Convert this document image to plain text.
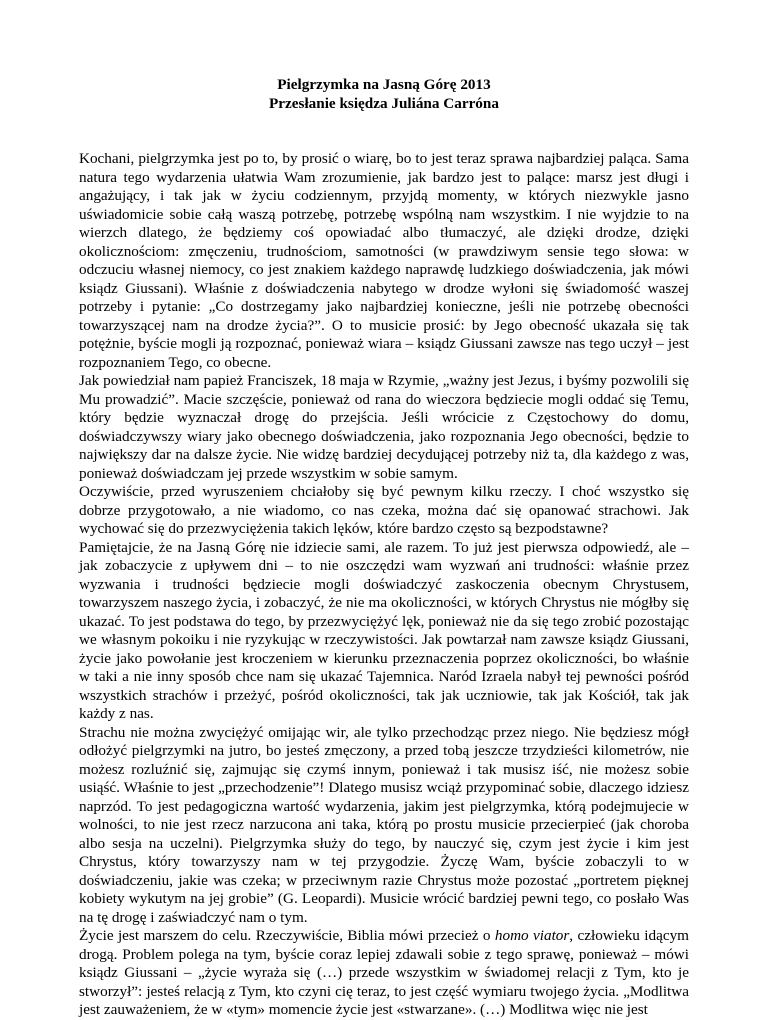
Pielgrzymka na Jasną Górę 2013

Przesłanie księdza Juliána Carróna

Kochani, pielgrzymka jest po to, by prosić o wiarę, bo to jest teraz sprawa najbardziej paląca. Sama natura tego wydarzenia ułatwia Wam zrozumienie, jak bardzo jest to palące: marsz jest długi i angażujący, i tak jak w życiu codziennym, przyjdą momenty, w których niezwykle jasno uświadomicie sobie całą waszą potrzebę, potrzebę wspólną nam wszystkim. I nie wyjdzie to na wierzch dlatego, że będziemy coś opowiadać albo tłumaczyć, ale dzięki drodze, dzięki okolicznościom: zmęczeniu, trudnościom, samotności (w prawdziwym sensie tego słowa: w odczuciu własnej niemocy, co jest znakiem każdego naprawdę ludzkiego doświadczenia, jak mówi ksiądz Giussani). Właśnie z doświadczenia nabytego w drodze wyłoni się świadomość waszej potrzeby i pytanie: „Co dostrzegamy jako najbardziej konieczne, jeśli nie potrzebę obecności towarzyszącej nam na drodze życia?”. O to musicie prosić: by Jego obecność ukazała się tak potężnie, byście mogli ją rozpoznać, ponieważ wiara – ksiądz Giussani zawsze nas tego uczył – jest rozpoznaniem Tego, co obecne.

Jak powiedział nam papież Franciszek, 18 maja w Rzymie, „ważny jest Jezus, i byśmy pozwolili się Mu prowadzić”. Macie szczęście, ponieważ od rana do wieczora będziecie mogli oddać się Temu, który będzie wyznaczał drogę do przejścia. Jeśli wrócicie z Częstochowy do domu, doświadczywszy wiary jako obecnego doświadczenia, jako rozpoznania Jego obecności, będzie to największy dar na dalsze życie. Nie widzę bardziej decydującej potrzeby niż ta, dla każdego z was, ponieważ doświadczam jej przede wszystkim w sobie samym.

Oczywiście, przed wyruszeniem chciałoby się być pewnym kilku rzeczy. I choć wszystko się dobrze przygotowało, a nie wiadomo, co nas czeka, można dać się opanować strachowi. Jak wychować się do przezwyciężenia takich lęków, które bardzo często są bezpodstawne?

Pamiętajcie, że na Jasną Górę nie idziecie sami, ale razem. To już jest pierwsza odpowiedź, ale – jak zobaczycie z upływem dni – to nie oszczędzi wam wyzwań ani trudności: właśnie przez wyzwania i trudności będziecie mogli doświadczyć zaskoczenia obecnym Chrystusem, towarzyszem naszego życia, i zobaczyć, że nie ma okoliczności, w których Chrystus nie mógłby się ukazać. To jest podstawa do tego, by przezwyciężyć lęk, ponieważ nie da się tego zrobić pozostając we własnym pokoiku i nie ryzykując w rzeczywistości. Jak powtarzał nam zawsze ksiądz Giussani, życie jako powołanie jest kroczeniem w kierunku przeznaczenia poprzez okoliczności, bo właśnie w taki a nie inny sposób chce nam się ukazać Tajemnica. Naród Izraela nabył tej pewności pośród wszystkich strachów i przeżyć, pośród okoliczności, tak jak uczniowie, tak jak Kościół, tak jak każdy z nas.

Strachu nie można zwyciężyć omijając wir, ale tylko przechodząc przez niego. Nie będziesz mógł odłożyć pielgrzymki na jutro, bo jesteś zmęczony, a przed tobą jeszcze trzydzieści kilometrów, nie możesz rozluźnić się, zajmując się czymś innym, ponieważ i tak musisz iść, nie możesz sobie usiąść. Właśnie to jest „przechodzenie”! Dlatego musisz wciąż przypominać sobie, dlaczego idziesz naprzód. To jest pedagogiczna wartość wydarzenia, jakim jest pielgrzymka, którą podejmujecie w wolności, to nie jest rzecz narzucona ani taka, którą po prostu musicie przecierpieć (jak choroba albo sesja na uczelni). Pielgrzymka służy do tego, by nauczyć się, czym jest życie i kim jest Chrystus, który towarzyszy nam w tej przygodzie. Życzę Wam, byście zobaczyli to w doświadczeniu, jakie was czeka; w przeciwnym razie Chrystus może pozostać „portretem pięknej kobiety wykutym na jej grobie” (G. Leopardi). Musicie wrócić bardziej pewni tego, co posłało Was na tę drogę i zaświadczyć nam o tym.

Życie jest marszem do celu. Rzeczywiście, Biblia mówi przecież o homo viator, człowieku idącym drogą. Problem polega na tym, byście coraz lepiej zdawali sobie z tego sprawę, ponieważ – mówi ksiądz Giussani – „życie wyraża się (…) przede wszystkim w świadomej relacji z Tym, kto je stworzył”: jesteś relacją z Tym, kto czyni cię teraz, to jest część wymiaru twojego życia. „Modlitwa jest zauważeniem, że w «tym» momencie życie jest «stwarzane». (…) Modlitwa więc nie jest
